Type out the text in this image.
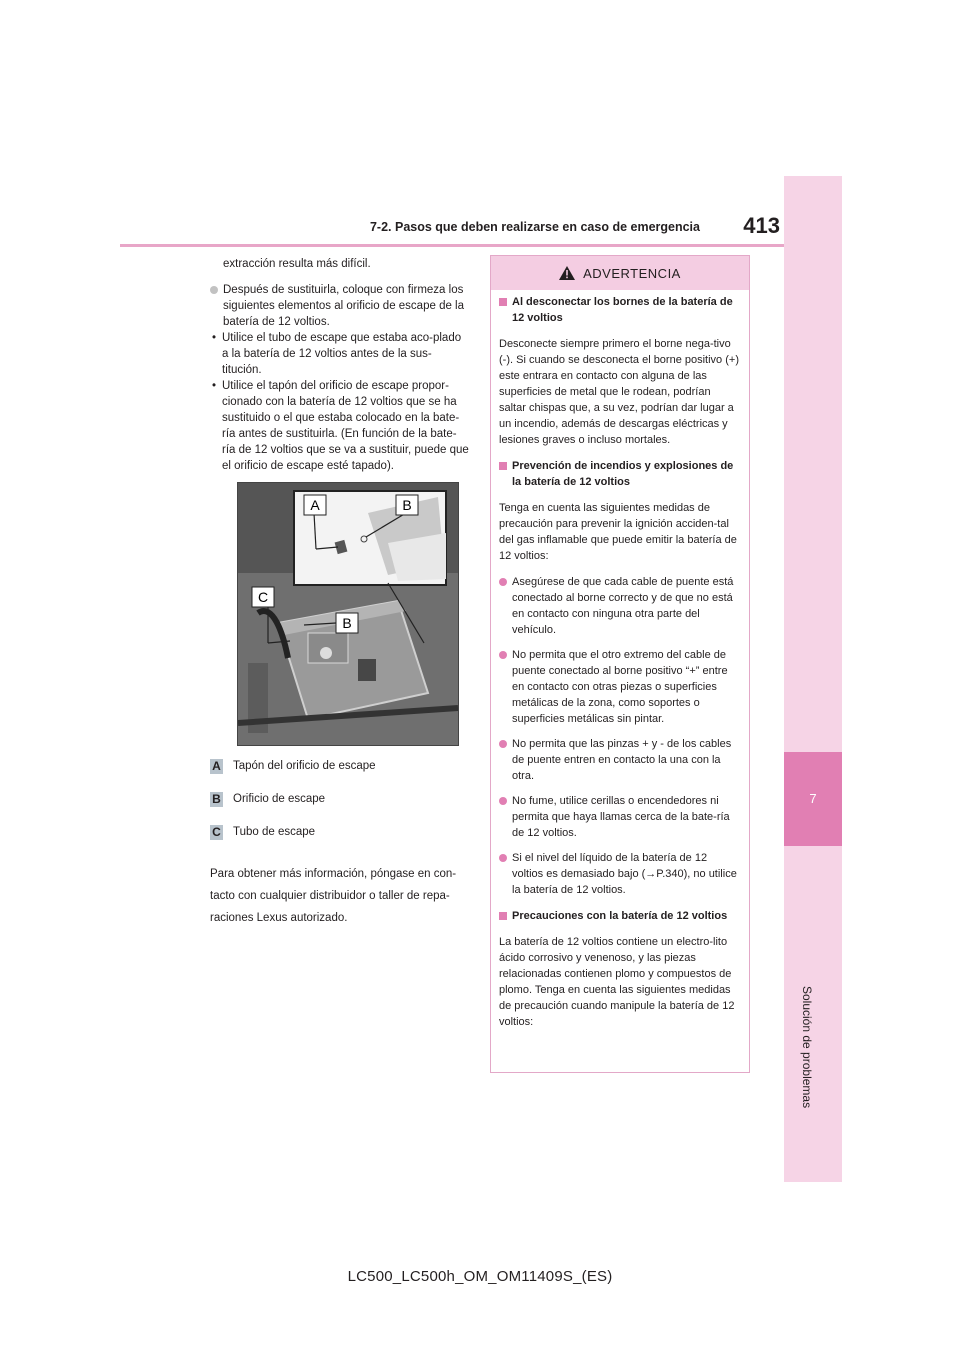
413
7-2. Pasos que deben realizarse en caso de emergencia
7
Solución de problemas

extracción resulta más difícil.

Después de sustituirla, coloque con firmeza los siguientes elementos al orificio de escape de la batería de 12 voltios.
• Utilice el tubo de escape que estaba aco-plado a la batería de 12 voltios antes de la sus-titución.
• Utilice el tapón del orificio de escape propor-cionado con la batería de 12 voltios que se ha sustituido o el que estaba colocado en la bate-ría antes de sustituirla. (En función de la bate-ría de 12 voltios que se va a sustituir, puede que el orificio de escape esté tapado).
A	B
C
B
A Tapón del orificio de escape
B Orificio de escape
C Tubo de escape

Para obtener más información, póngase en con-tacto con cualquier distribuidor o taller de repa-raciones Lexus autorizado.

ADVERTENCIA

Al desconectar los bornes de la batería de 12 voltios

Desconecte siempre primero el borne nega-tivo (-). Si cuando se desconecta el borne positivo (+) este entrara en contacto con alguna de las superficies de metal que le rodean, podrían saltar chispas que, a su vez, podrían dar lugar a un incendio, además de descargas eléctricas y lesiones graves o incluso mortales.

Prevención de incendios y explosiones de la batería de 12 voltios

Tenga en cuenta las siguientes medidas de precaución para prevenir la ignición acciden-tal del gas inflamable que puede emitir la batería de 12 voltios:

Asegúrese de que cada cable de puente está conectado al borne correcto y de que no está en contacto con ninguna otra parte del vehículo.

No permita que el otro extremo del cable de puente conectado al borne positivo “+” entre en contacto con otras piezas o superficies metálicas de la zona, como soportes o superficies metálicas sin pintar.

No permita que las pinzas + y - de los cables de puente entren en contacto la una con la otra.

No fume, utilice cerillas o encendedores ni permita que haya llamas cerca de la bate-ría de 12 voltios.

Si el nivel del líquido de la batería de 12 voltios es demasiado bajo (→P.340), no utilice la batería de 12 voltios.

Precauciones con la batería de 12 voltios

La batería de 12 voltios contiene un electro-lito ácido corrosivo y venenoso, y las piezas relacionadas contienen plomo y compuestos de plomo. Tenga en cuenta las siguientes medidas de precaución cuando manipule la batería de 12 voltios:

LC500_LC500h_OM_OM11409S_(ES)
